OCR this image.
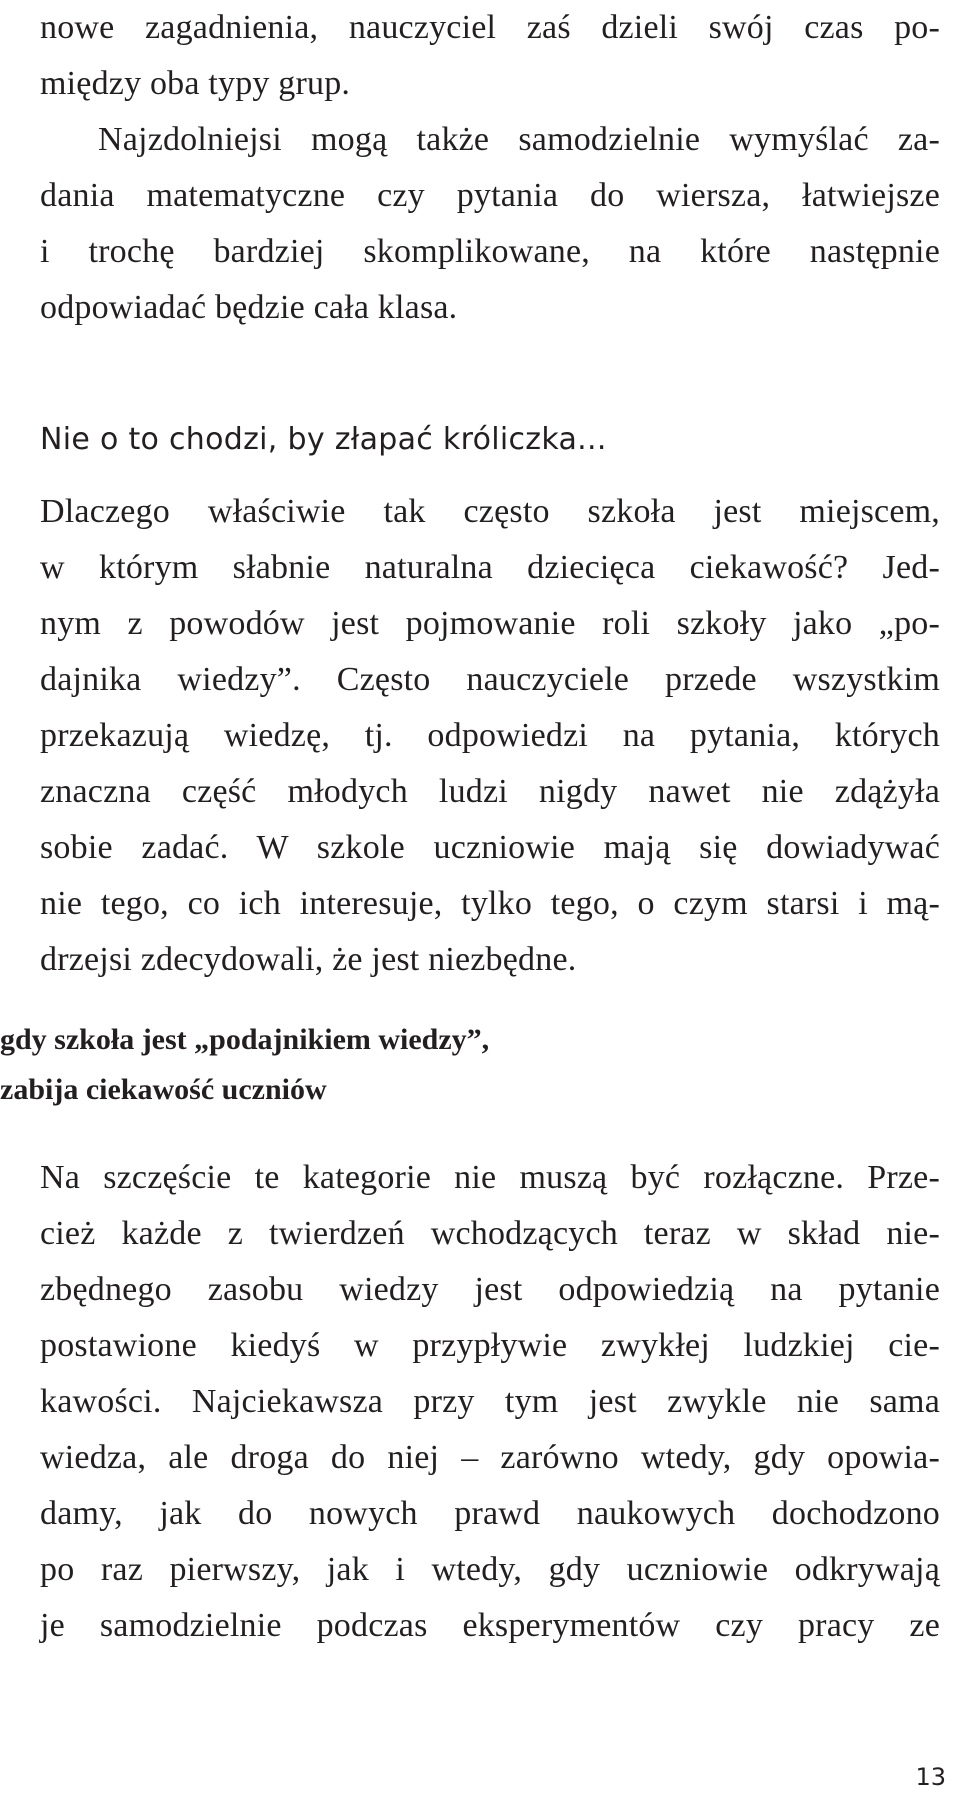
nowe zagadnienia, nauczyciel zaś dzieli swój czas po-
między oba typy grup.
Najzdolniejsi mogą także samodzielnie wymyślać za-
dania matematyczne czy pytania do wiersza, łatwiejsze
i trochę bardziej skomplikowane, na które następnie
odpowiadać będzie cała klasa.

Nie o to chodzi, by złapać króliczka...

Dlaczego właściwie tak często szkoła jest miejscem,
w którym słabnie naturalna dziecięca ciekawość? Jed-
nym z powodów jest pojmowanie roli szkoły jako „po-
dajnika wiedzy”. Często nauczyciele przede wszystkim
przekazują wiedzę, tj. odpowiedzi na pytania, których
znaczna część młodych ludzi nigdy nawet nie zdążyła
sobie zadać. W szkole uczniowie mają się dowiadywać
nie tego, co ich interesuje, tylko tego, o czym starsi i mą-
drzejsi zdecydowali, że jest niezbędne.

gdy szkoła jest „podajnikiem wiedzy”,
zabija ciekawość uczniów

Na szczęście te kategorie nie muszą być rozłączne. Prze-
cież każde z twierdzeń wchodzących teraz w skład nie-
zbędnego zasobu wiedzy jest odpowiedzią na pytanie
postawione kiedyś w przypływie zwykłej ludzkiej cie-
kawości. Najciekawsza przy tym jest zwykle nie sama
wiedza, ale droga do niej – zarówno wtedy, gdy opowia-
damy, jak do nowych prawd naukowych dochodzono
po raz pierwszy, jak i wtedy, gdy uczniowie odkrywają
je samodzielnie podczas eksperymentów czy pracy ze

13
